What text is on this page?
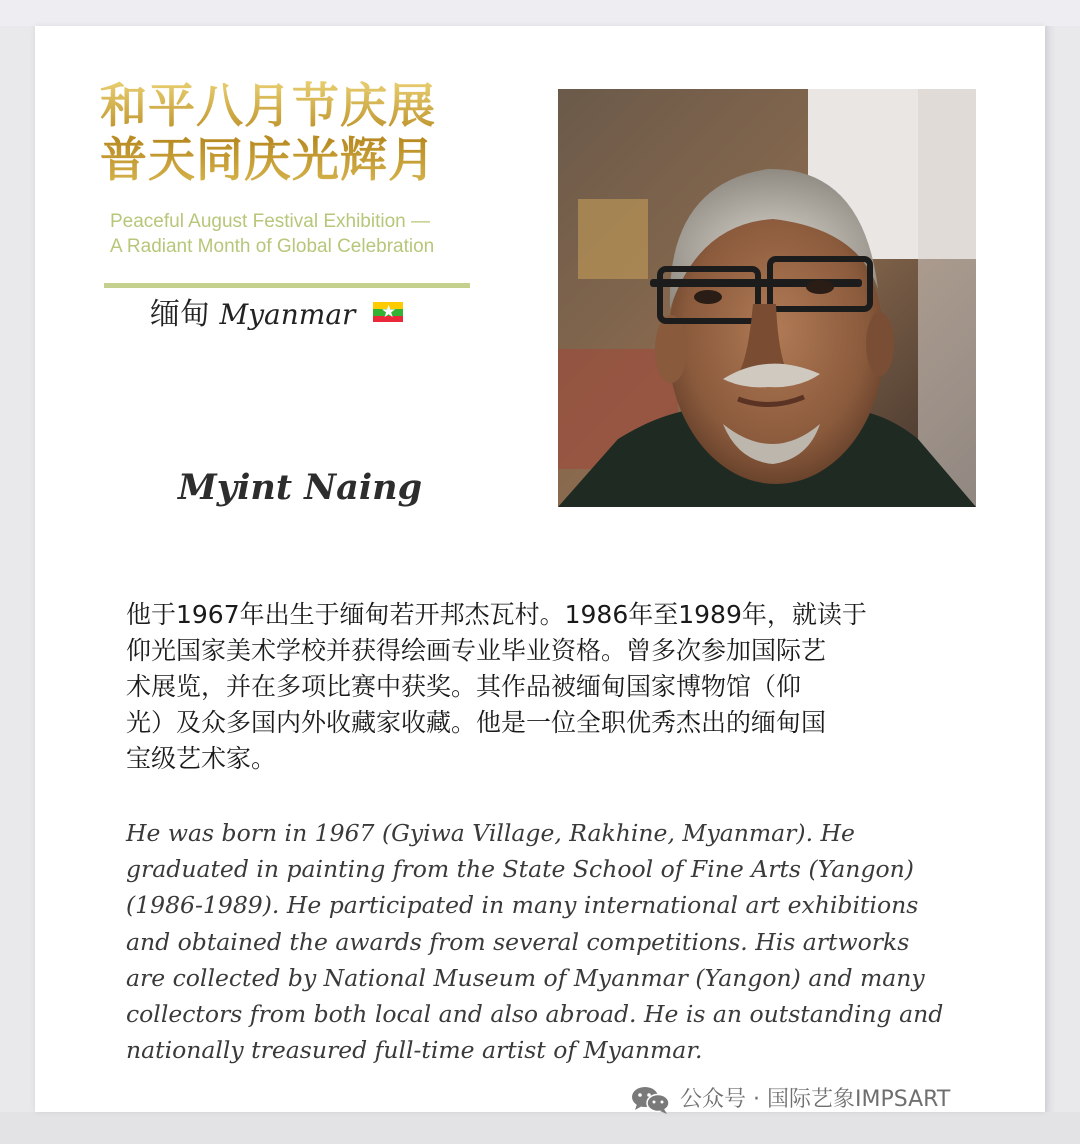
和平八月节庆展
普天同庆光辉月
Peaceful August Festival Exhibition —
A Radiant Month of Global Celebration
缅甸 Myanmar ★
Myint Naing
他于1967年出生于缅甸若开邦杰瓦村。1986年至1989年，就读于
仰光国家美术学校并获得绘画专业毕业资格。曾多次参加国际艺
术展览，并在多项比赛中获奖。其作品被缅甸国家博物馆（仰
光）及众多国内外收藏家收藏。他是一位全职优秀杰出的缅甸国
宝级艺术家。
He was born in 1967 (Gyiwa Village, Rakhine, Myanmar). He
graduated in painting from the State School of Fine Arts (Yangon)
(1986-1989). He participated in many international art exhibitions
and obtained the awards from several competitions. His artworks
are collected by National Museum of Myanmar (Yangon) and many
collectors from both local and also abroad. He is an outstanding and
nationally treasured full-time artist of Myanmar.
公众号 · 国际艺象IMPSART
